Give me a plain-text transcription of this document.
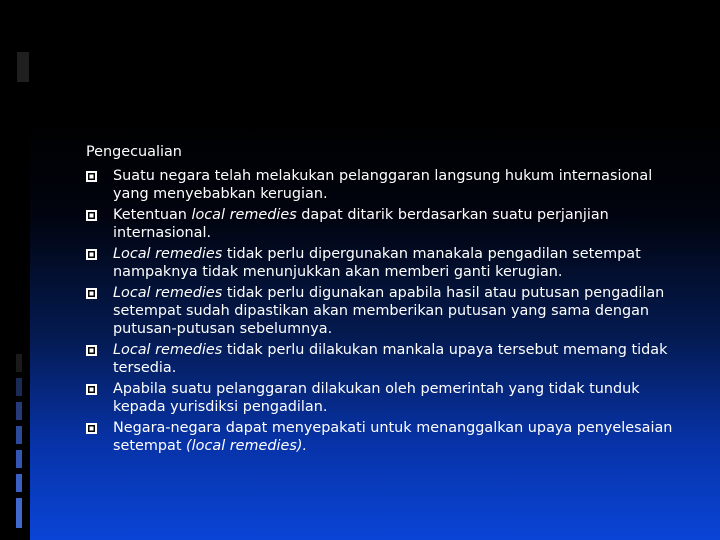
Pengecualian
Suatu negara telah melakukan pelanggaran langsung hukum internasional yang menyebabkan kerugian.
Ketentuan local remedies dapat ditarik berdasarkan suatu perjanjian internasional.
Local remedies tidak perlu dipergunakan manakala pengadilan setempat nampaknya tidak menunjukkan akan memberi ganti kerugian.
Local remedies tidak perlu digunakan apabila hasil atau putusan pengadilan setempat sudah dipastikan akan memberikan putusan yang sama dengan putusan-putusan sebelumnya.
Local remedies tidak perlu dilakukan mankala upaya tersebut memang tidak tersedia.
Apabila suatu pelanggaran dilakukan oleh pemerintah yang tidak tunduk kepada yurisdiksi pengadilan.
Negara-negara dapat menyepakati untuk menanggalkan upaya penyelesaian setempat (local remedies).
